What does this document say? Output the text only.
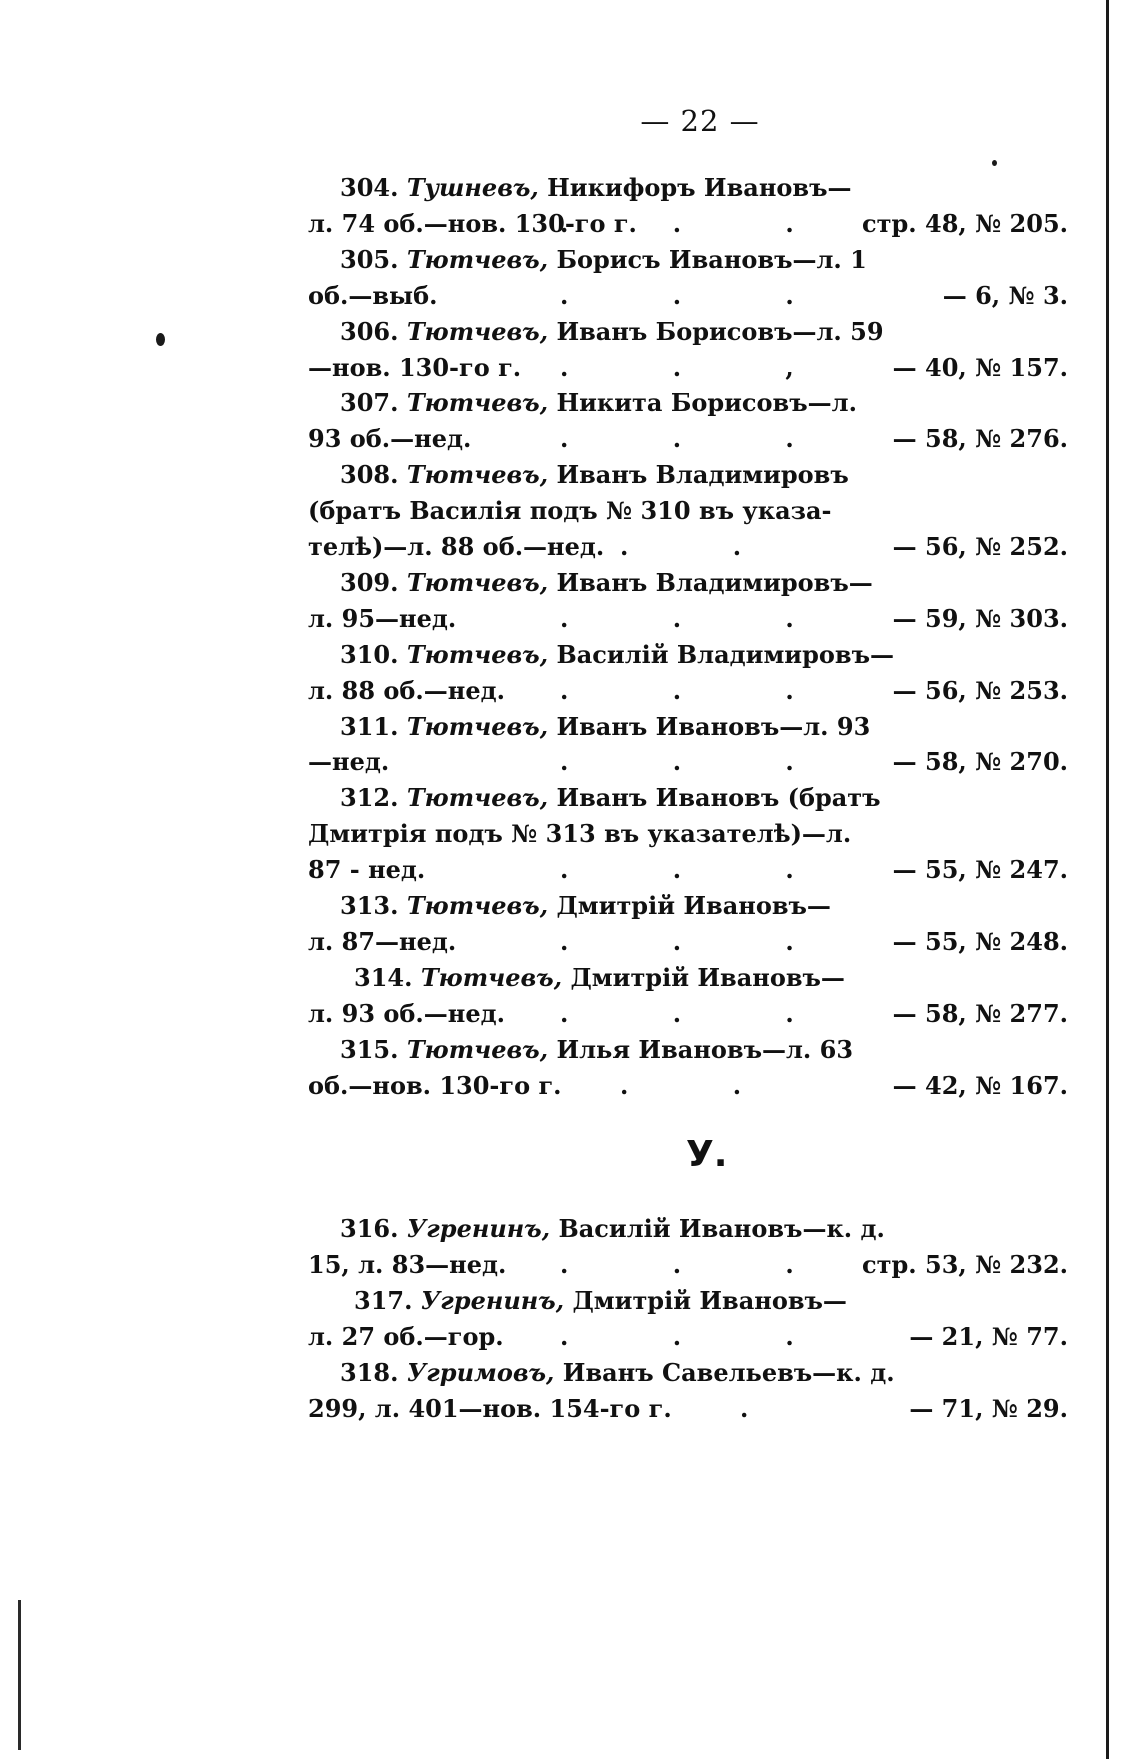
— 22 —
304. Тушневъ, Никифоръ Ивановъ—
л. 74 об.—нов. 130-го г.
. . . стр. 48, № 205.
305. Тютчевъ, Борисъ Ивановъ—л. 1
об.—выб.	. . .	— 6, № 3.
306. Тютчевъ, Иванъ Борисовъ—л. 59
—нов. 130-го г. . . , — 40, № 157.
307. Тютчевъ, Никита Борисовъ—л.
93 об.—нед.	. . . — 58, № 276.
308. Тютчевъ, Иванъ Владимировъ
(братъ Василія подъ № 310 въ указа-
телѣ)—л. 88 об.—нед. . .	— 56, № 252.
309. Тютчевъ, Иванъ Владимировъ—
л. 95—нед.	. . . — 59, № 303.
310. Тютчевъ, Василій Владимировъ—
л. 88 об.—нед. . . . — 56, № 253.
311. Тютчевъ, Иванъ Ивановъ—л. 93
—нед.	. . . — 58, № 270.
312. Тютчевъ, Иванъ Ивановъ (братъ
Дмитрія подъ № 313 въ указателѣ)—л.
87 - нед.	. . . — 55, № 247.
313. Тютчевъ, Дмитрій Ивановъ—
л. 87—нед.	. . . — 55, № 248.
314. Тютчевъ, Дмитрій Ивановъ—
л. 93 об.—нед. . . . — 58, № 277.
315. Тютчевъ, Илья Ивановъ—л. 63
об.—нов. 130-го г. . .	— 42, № 167.
316. Угренинъ, Василій Ивановъ—к. д.
15, л. 83—нед. . . . стр. 53, № 232.
317. Угренинъ, Дмитрій Ивановъ—
л. 27 об.—гор. . . .	— 21, № 77.
318. Угримовъ, Иванъ Савельевъ—к. д.
299, л. 401—нов. 154-го г.	.	— 71, № 29.
У.
